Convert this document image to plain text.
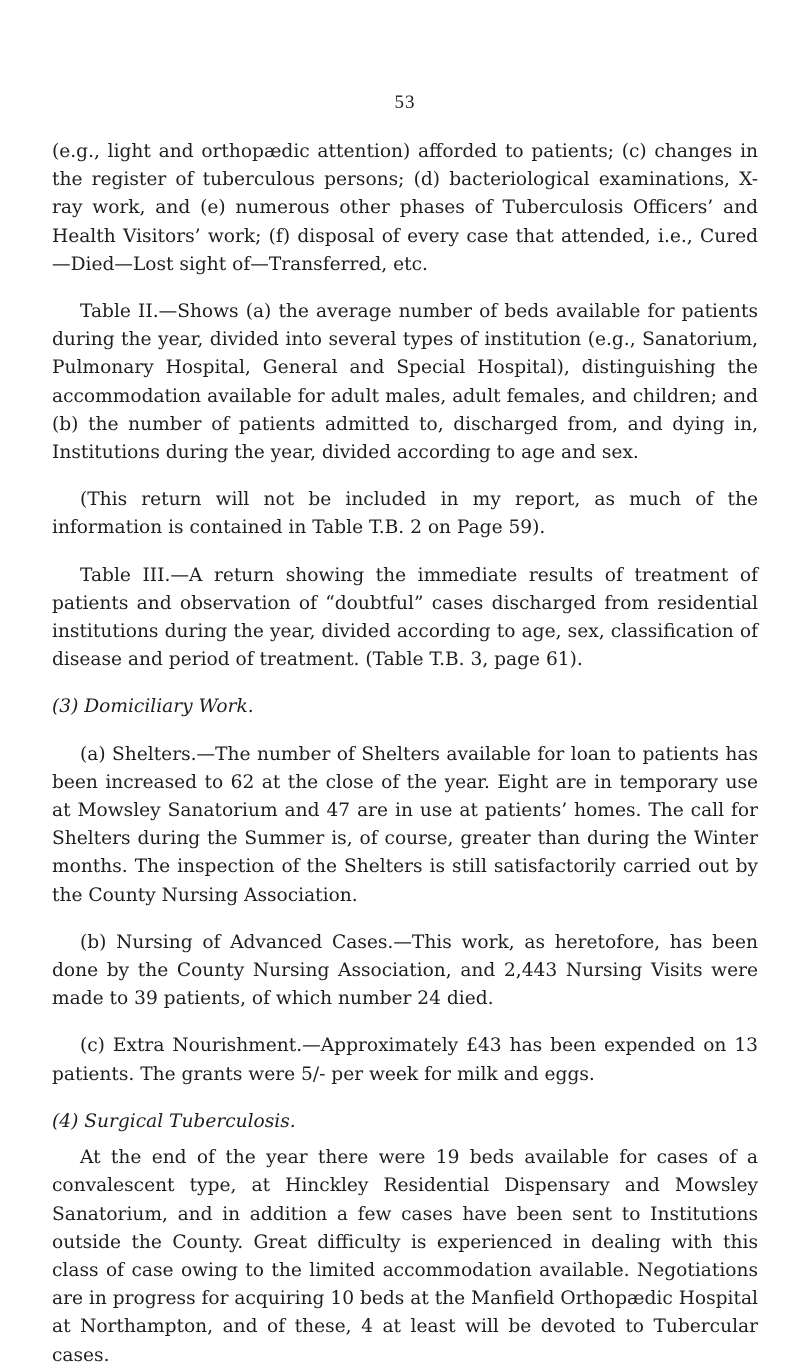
53

(e.g., light and orthopædic attention) afforded to patients; (c) changes in the register of tuberculous persons; (d) bacteriological examinations, X-ray work, and (e) numerous other phases of Tuberculosis Officers’ and Health Visitors’ work; (f) disposal of every case that attended, i.e., Cured—Died—Lost sight of—Transferred, etc.

Table II.—Shows (a) the average number of beds available for patients during the year, divided into several types of institution (e.g., Sanatorium, Pulmonary Hospital, General and Special Hospital), distinguishing the accommodation available for adult males, adult females, and children; and (b) the number of patients admitted to, discharged from, and dying in, Institutions during the year, divided according to age and sex.

(This return will not be included in my report, as much of the information is contained in Table T.B. 2 on Page 59).

Table III.—A return showing the immediate results of treatment of patients and observation of “doubtful” cases discharged from residential institutions during the year, divided according to age, sex, classification of disease and period of treatment. (Table T.B. 3, page 61).

(3) Domiciliary Work.

(a) Shelters.—The number of Shelters available for loan to patients has been increased to 62 at the close of the year. Eight are in temporary use at Mowsley Sanatorium and 47 are in use at patients’ homes. The call for Shelters during the Summer is, of course, greater than during the Winter months. The inspection of the Shelters is still satisfactorily carried out by the County Nursing Association.

(b) Nursing of Advanced Cases.—This work, as heretofore, has been done by the County Nursing Association, and 2,443 Nursing Visits were made to 39 patients, of which number 24 died.

(c) Extra Nourishment.—Approximately £43 has been expended on 13 patients. The grants were 5/- per week for milk and eggs.

(4) Surgical Tuberculosis.

At the end of the year there were 19 beds available for cases of a convalescent type, at Hinckley Residential Dispensary and Mowsley Sanatorium, and in addition a few cases have been sent to Institutions outside the County. Great difficulty is experienced in dealing with this class of case owing to the limited accommodation available. Negotiations are in progress for acquiring 10 beds at the Manfield Orthopædic Hospital at Northampton, and of these, 4 at least will be devoted to Tubercular cases.
